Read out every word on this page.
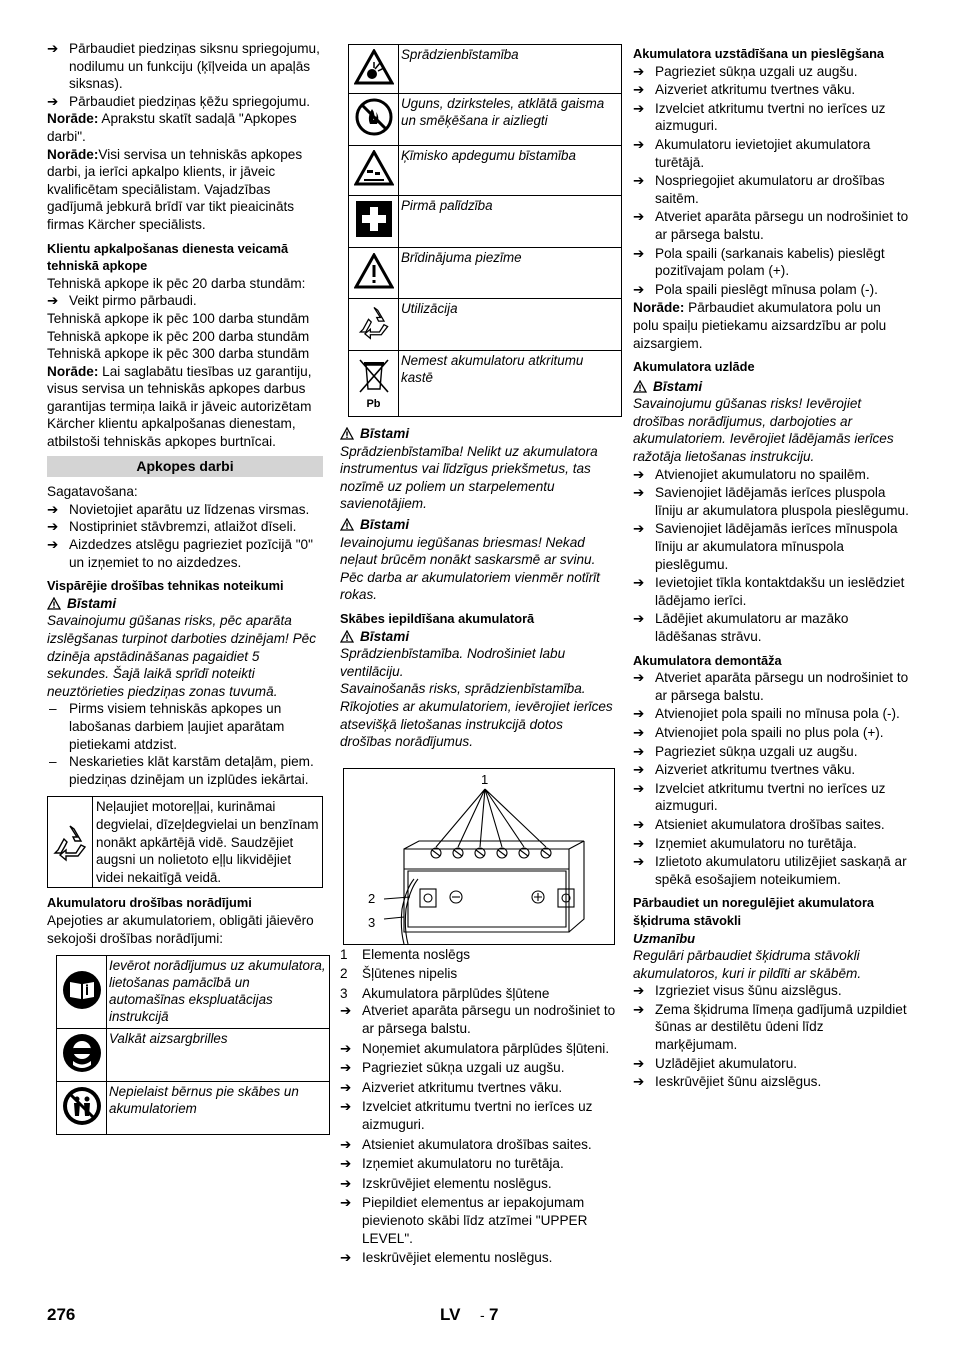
➔ Pārbaudiet piedziņas siksnu spriegojumu, nodilumu un funkciju (ķīļveida un apaļās siksnas).

➔ Pārbaudiet piedziņas ķēžu spriegojumu.

Norāde: Aprakstu skatīt sadaļā "Apkopes darbi".

Norāde:Visi servisa un tehniskās apkopes darbi, ja ierīci apkalpo klients, ir jāveic kvalificētam speciālistam. Vajadzības gadījumā jebkurā brīdī var tikt pieaicināts firmas Kärcher speciālists.

Klientu apkalpošanas dienesta veicamā tehniskā apkope

Tehniskā apkope ik pēc 20 darba stundām:

➔ Veikt pirmo pārbaudi.

Tehniskā apkope ik pēc 100 darba stundām

Tehniskā apkope ik pēc 200 darba stundām

Tehniskā apkope ik pēc 300 darba stundām

Norāde: Lai saglabātu tiesības uz garantiju, visus servisa un tehniskās apkopes darbus garantijas termiņa laikā ir jāveic autorizētam Kärcher klientu apkalpošanas dienestam, atbilstoši tehniskās apkopes burtnīcai.

Apkopes darbi

Sagatavošana:

➔ Novietojiet aparātu uz līdzenas virsmas.

➔ Nostipriniet stāvbremzi, atlaižot dīseli.

➔ Aizdedzes atslēgu pagrieziet pozīcijā "0" un izņemiet to no aizdedzes.

Vispārējie drošības tehnikas noteikumi

Bīstami

Savainojumu gūšanas risks, pēc aparāta izslēgšanas turpinot darboties dzinējam! Pēc dzinēja apstādināšanas pagaidiet 5 sekundes. Šajā laikā sprīdī noteikti neuztörieties piedziņas zonas tuvumā.

– Pirms visiem tehniskās apkopes un labošanas darbiem ļaujiet aparātam pietiekami atdzist.

– Neskarieties klāt karstām detaļām, piem. piedziņas dzinējam un izplūdes iekārtai.

Neļaujiet motoreļļai, kurināmai degvielai, dīzeļdegvielai un benzīnam nonākt apkārtējā vidē. Saudzējiet augsni un nolietoto eļļu likvidējiet videi nekaitīgā veidā.

Akumulatoru drošības norādījumi

Apejoties ar akumulatoriem, obligāti jāievēro sekojoši drošības norādījumi:

	Ievērot norādījumus uz akumulatora, lietošanas pamācībā un automašīnas ekspluatācijas instrukcijā
	Valkāt aizsargbrilles
	Nepielaist bērnus pie skābes un akumulatoriem
	Sprādzienbīstamība
	Uguns, dzirksteles, atklātā gaisma un smēķēšana ir aizliegti
	Ķīmisko apdegumu bīstamība
	Pirmā palīdzība
	Brīdinājuma piezīme
	Utilizācija

Pb	Nemest akumulatoru atkritumu kastē

Bīstami

Sprādzienbīstamība! Nelikt uz akumulatora instrumentus vai līdzīgus priekšmetus, tas nozīmē uz poliem un starpelementu savienotājiem.

Bīstami

Ievainojumu iegūšanas briesmas! Nekad neļaut brūcēm nonākt saskarsmē ar svinu. Pēc darba ar akumulatoriem vienmēr notīrīt rokas.

Skābes iepildīšana akumulatorā

Bīstami

Sprādzienbīstamība. Nodrošiniet labu ventilāciju.
Savainošanās risks, sprādzienbīstamība. Rīkojoties ar akumulatoriem, ievērojiet ierīces atsevišķā lietošanas instrukcijā dotos drošības norādījumus.

1
2
3

1	Elementa noslēgs

2	Šļūtenes nipelis

3	Akumulatora pārplūdes šļūtene

➔ Atveriet aparāta pārsegu un nodrošiniet to ar pārsega balstu.

➔ Noņemiet akumulatora pārplūdes šļūteni.

➔ Pagrieziet sūkņa uzgali uz augšu.

➔ Aizveriet atkritumu tvertnes vāku.

➔ Izvelciet atkritumu tvertni no ierīces uz aizmuguri.

➔ Atsieniet akumulatora drošības saites.

➔ Izņemiet akumulatoru no turētāja.

➔ Izskrūvējiet elementu noslēgus.

➔ Piepildiet elementus ar iepakojumam pievienoto skābi līdz atzīmei "UPPER LEVEL".

➔ Ieskrūvējiet elementu noslēgus.

Akumulatora uzstādīšana un pieslēgšana

➔ Pagrieziet sūkņa uzgali uz augšu.

➔ Aizveriet atkritumu tvertnes vāku.

➔ Izvelciet atkritumu tvertni no ierīces uz aizmuguri.

➔ Akumulatoru ievietojiet akumulatora turētājā.

➔ Nospriegojiet akumulatoru ar drošības saitēm.

➔ Atveriet aparāta pārsegu un nodrošiniet to ar pārsega balstu.

➔ Pola spaili (sarkanais kabelis) pieslēgt pozitīvajam polam (+).

➔ Pola spaili pieslēgt mīnusa polam (-).

Norāde: Pārbaudiet akumulatora polu un polu spaiļu pietiekamu aizsardzību ar polu aizsargiem.

Akumulatora uzlāde

Bīstami

Savainojumu gūšanas risks! Ievērojiet drošības norādījumus, darbojoties ar akumulatoriem. Ievērojiet lādējamās ierīces ražotāja lietošanas instrukciju.

➔ Atvienojiet akumulatoru no spailēm.

➔ Savienojiet lādējamās ierīces pluspola līniju ar akumulatora pluspola pieslēgumu.

➔ Savienojiet lādējamās ierīces mīnuspola līniju ar akumulatora mīnuspola pieslēgumu.

➔ Ievietojiet tīkla kontaktdakšu un ieslēdziet lādējamo ierīci.

➔ Lādējiet akumulatoru ar mazāko lādēšanas strāvu.

Akumulatora demontāža

➔ Atveriet aparāta pārsegu un nodrošiniet to ar pārsega balstu.

➔ Atvienojiet pola spaili no mīnusa pola (-).

➔ Atvienojiet pola spaili no plus pola (+).

➔ Pagrieziet sūkņa uzgali uz augšu.

➔ Aizveriet atkritumu tvertnes vāku.

➔ Izvelciet atkritumu tvertni no ierīces uz aizmuguri.

➔ Atsieniet akumulatora drošības saites.

➔ Izņemiet akumulatoru no turētāja.

➔ Izlietoto akumulatoru utilizējiet saskaņā ar spēkā esošajiem noteikumiem.

Pārbaudiet un noregulējiet akumulatora šķidruma stāvokli

Uzmanību

Regulāri pārbaudiet šķidruma stāvokli akumulatoros, kuri ir pildīti ar skābēm.

➔ Izgrieziet visus šūnu aizslēgus.

➔ Zema šķidruma līmeņa gadījumā uzpildiet šūnas ar destilētu ūdeni līdz marķējumam.

➔ Uzlādējiet akumulatoru.

➔ Ieskrūvējiet šūnu aizslēgus.

276	LV - 7
